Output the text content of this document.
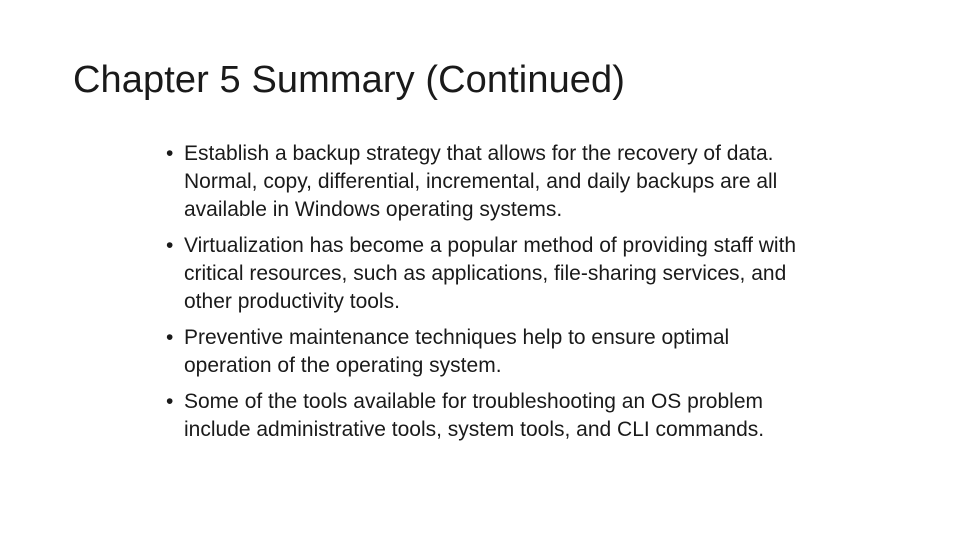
Chapter 5 Summary (Continued)
• Establish a backup strategy that allows for the recovery of data. Normal, copy, differential, incremental, and daily backups are all available in Windows operating systems.
• Virtualization has become a popular method of providing staff with critical resources, such as applications, file-sharing services, and other productivity tools.
• Preventive maintenance techniques help to ensure optimal operation of the operating system.
• Some of the tools available for troubleshooting an OS problem include administrative tools, system tools, and CLI commands.
